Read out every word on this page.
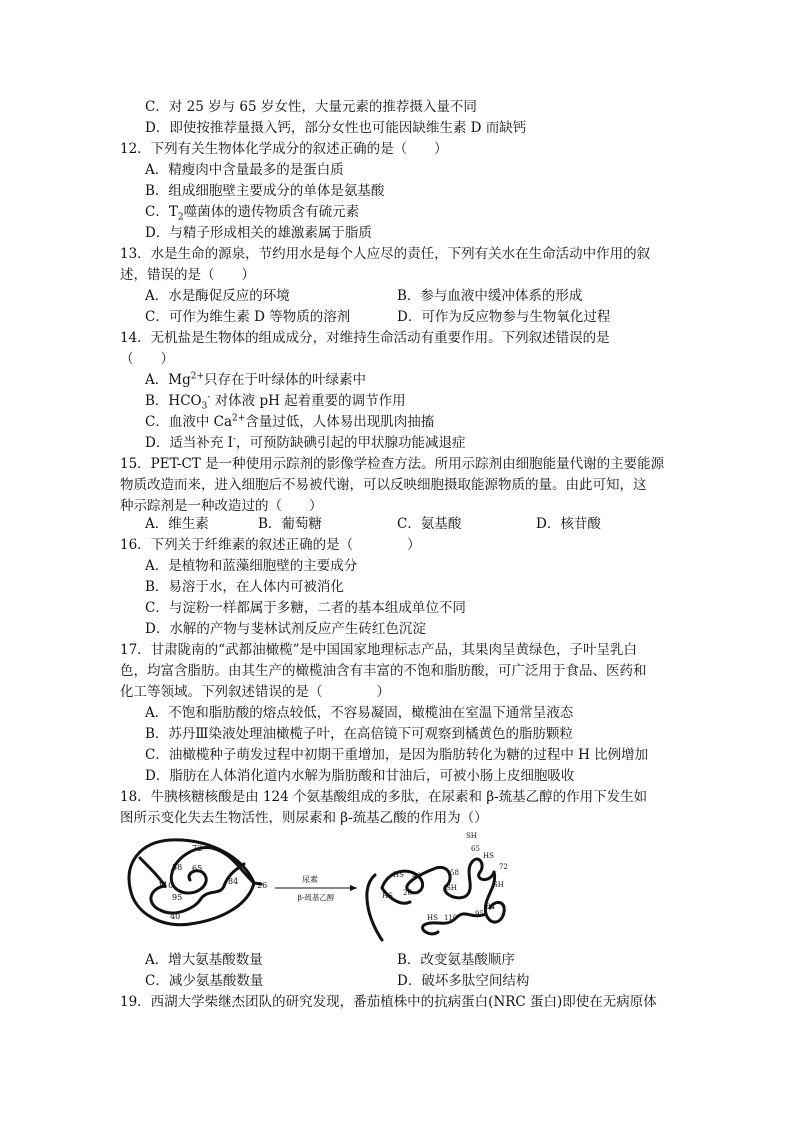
C．对 25 岁与 65 岁女性，大量元素的推荐摄入量不同
D．即使按推荐量摄入钙，部分女性也可能因缺维生素 D 而缺钙
12．下列有关生物体化学成分的叙述正确的是（　　）
A．精瘦肉中含量最多的是蛋白质
B．组成细胞壁主要成分的单体是氨基酸
C．$T_2$噬菌体的遗传物质含有硫元素
D．与精子形成相关的雄激素属于脂质
13．水是生命的源泉，节约用水是每个人应尽的责任，下列有关水在生命活动中作用的叙
述，错误的是（　　）
A．水是酶促反应的环境	B．参与血液中缓冲体系的形成
C．可作为维生素 D 等物质的溶剂	D．可作为反应物参与生物氧化过程
14．无机盐是生物体的组成成分，对维持生命活动有重要作用。下列叙述错误的是
（　　）
A．$Mg^{2+}$只存在于叶绿体的叶绿素中
B．$HCO_3^-$ 对体液 pH 起着重要的调节作用
C．血液中 $Ca^{2+}$含量过低，人体易出现肌肉抽搐
D．适当补充 I-，可预防缺碘引起的甲状腺功能减退症
15．PET-CT 是一种使用示踪剂的影像学检查方法。所用示踪剂由细胞能量代谢的主要能源
物质改造而来，进入细胞后不易被代谢，可以反映细胞摄取能源物质的量。由此可知，这
种示踪剂是一种改造过的（　　）
A．维生素	B．葡萄糖	C．氨基酸	D．核苷酸
16．下列关于纤维素的叙述正确的是（　　　　）
A．是植物和蓝藻细胞壁的主要成分
B．易溶于水，在人体内可被消化
C．与淀粉一样都属于多糖，二者的基本组成单位不同
D．水解的产物与斐林试剂反应产生砖红色沉淀
17．甘肃陇南的“武都油橄榄”是中国国家地理标志产品，其果肉呈黄绿色，子叶呈乳白
色，均富含脂肪。由其生产的橄榄油含有丰富的不饱和脂肪酸，可广泛用于食品、医药和
化工等领域。下列叙述错误的是（　　　　）
A．不饱和脂肪酸的熔点较低，不容易凝固，橄榄油在室温下通常呈液态
B．苏丹Ⅲ染液处理油橄榄子叶，在高倍镜下可观察到橘黄色的脂肪颗粒
C．油橄榄种子萌发过程中初期干重增加，是因为脂肪转化为糖的过程中 H 比例增加
D．脂肪在人体消化道内水解为脂肪酸和甘油后，可被小肠上皮细胞吸收
18．牛胰核糖核酸是由 124 个氨基酸组成的多肽，在尿素和 β-巯基乙醇的作用下发生如
图所示变化失去生物活性，则尿素和 β-巯基乙酸的作用为（）
72
58 65
110
95
84 26
40
尿素
β-巯基乙醇
SH
65
HS
72
58
HS 40
SH
26
HS
SH
84
95
HS 110
A．增大氨基酸数量	B．改变氨基酸顺序
C．减少氨基酸数量	D．破坏多肽空间结构
19．西湖大学柴继杰团队的研究发现，番茄植株中的抗病蛋白(NRC 蛋白)即使在无病原体
